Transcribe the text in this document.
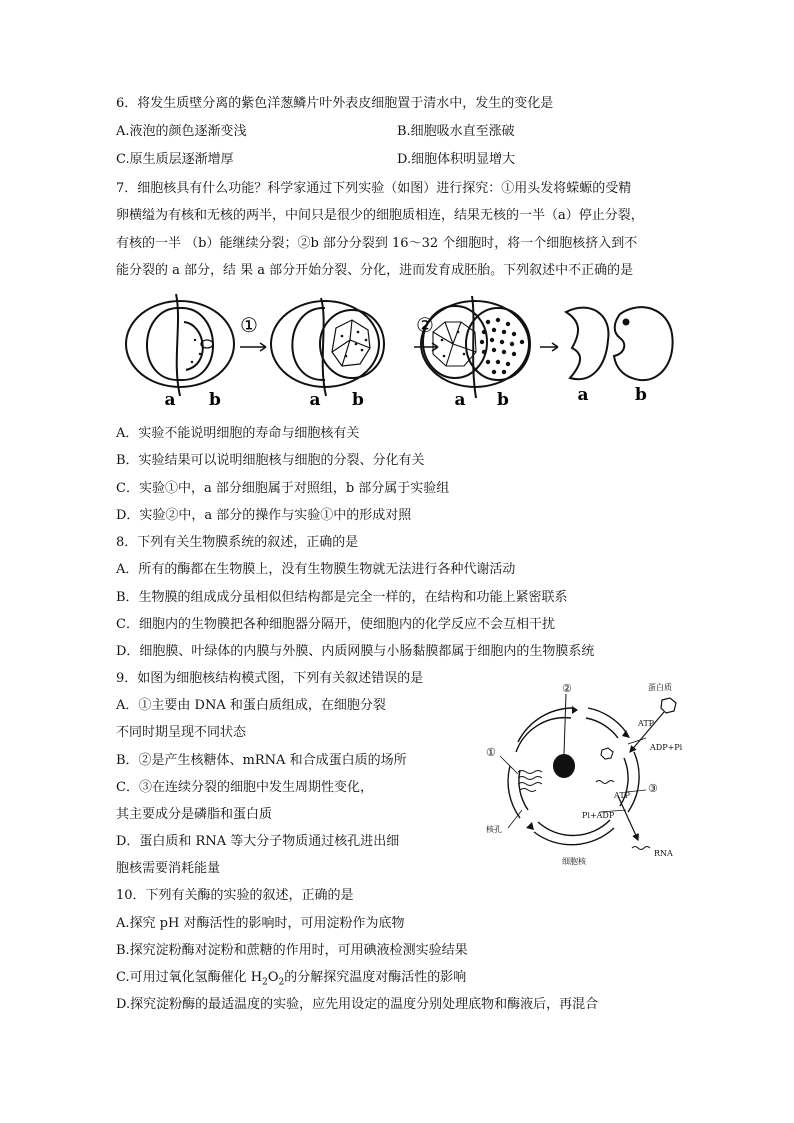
6．将发生质壁分离的紫色洋葱鳞片叶外表皮细胞置于清水中，发生的变化是
A.液泡的颜色逐渐变浅	B.细胞吸水直至涨破
C.原生质层逐渐增厚	D.细胞体积明显增大
7．细胞核具有什么功能？科学家通过下列实验（如图）进行探究：①用头发将蝾螈的受精
卵横缢为有核和无核的两半，中间只是很少的细胞质相连，结果无核的一半（a）停止分裂，
有核的一半 （b）能继续分裂；②b 部分分裂到 16～32 个细胞时，将一个细胞核挤入到不
能分裂的 a 部分，结 果 a 部分开始分裂、分化，进而发育成胚胎。下列叙述中不正确的是
①	②
a b	a b	a b	a	b
A．实验不能说明细胞的寿命与细胞核有关
B．实验结果可以说明细胞核与细胞的分裂、分化有关
C．实验①中，a 部分细胞属于对照组，b 部分属于实验组
D．实验②中，a 部分的操作与实验①中的形成对照
8．下列有关生物膜系统的叙述，正确的是
A．所有的酶都在生物膜上，没有生物膜生物就无法进行各种代谢活动
B．生物膜的组成成分虽相似但结构都是完全一样的，在结构和功能上紧密联系
C．细胞内的生物膜把各种细胞器分隔开，使细胞内的化学反应不会互相干扰
D．细胞膜、叶绿体的内膜与外膜、内质网膜与小肠黏膜都属于细胞内的生物膜系统
9．如图为细胞核结构模式图，下列有关叙述错误的是
A．①主要由 DNA 和蛋白质组成，在细胞分裂
不同时期呈现不同状态
B．②是产生核糖体、mRNA 和合成蛋白质的场所
C．③在连续分裂的细胞中发生周期性变化，
其主要成分是磷脂和蛋白质
D．蛋白质和 RNA 等大分子物质通过核孔进出细
胞核需要消耗能量
①
②
③
蛋白质
ATP
ADP+Pi
ATP
Pi+ADP
核孔
RNA
细胞核
10．下列有关酶的实验的叙述，正确的是
A.探究 pH 对酶活性的影响时，可用淀粉作为底物
B.探究淀粉酶对淀粉和蔗糖的作用时，可用碘液检测实验结果
C.可用过氧化氢酶催化 $H_2O_2$的分解探究温度对酶活性的影响
D.探究淀粉酶的最适温度的实验，应先用设定的温度分别处理底物和酶液后，再混合
